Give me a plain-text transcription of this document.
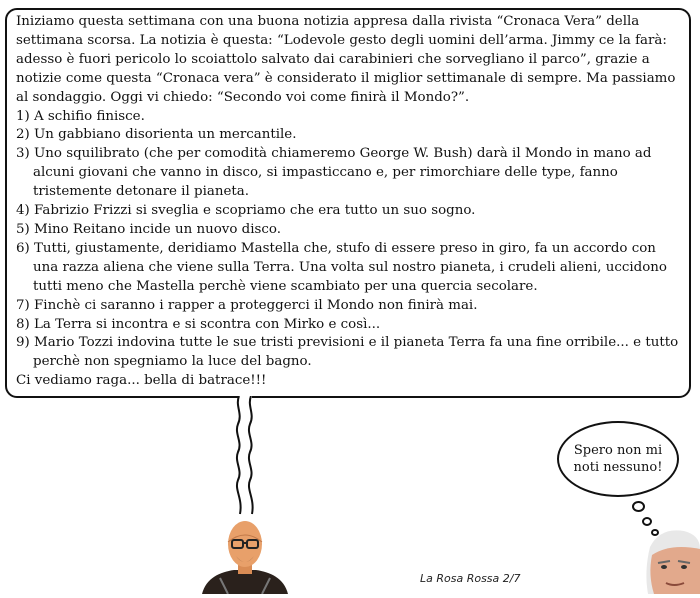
Iniziamo questa settimana con una buona notizia appresa dalla rivista “Cronaca Vera” della settimana scorsa. La notizia è questa: “Lodevole gesto degli uomini dell’arma. Jimmy ce la farà: adesso è fuori pericolo lo scoiattolo salvato dai carabinieri che sorvegliano il parco”, grazie a notizie come questa “Cronaca vera” è considerato il miglior settimanale di sempre. Ma passiamo al sondaggio. Oggi vi chiedo: “Secondo voi come finirà il Mondo?”.

1) A schifio finisce.
2) Un gabbiano disorienta un mercantile.
3) Uno squilibrato (che per comodità chiameremo George W. Bush) darà il Mondo in mano ad alcuni giovani che vanno in disco, si impasticcano e, per rimorchiare delle type, fanno tristemente detonare il pianeta.
4) Fabrizio Frizzi si sveglia e scopriamo che era tutto un suo sogno.
5) Mino Reitano incide un nuovo disco.
6) Tutti, giustamente, deridiamo Mastella che, stufo di essere preso in giro, fa un accordo con una razza aliena che viene sulla Terra. Una volta sul nostro pianeta, i crudeli alieni, uccidono tutti meno che Mastella perchè viene scambiato per una quercia secolare.
7) Finchè ci saranno i rapper a proteggerci il Mondo non finirà mai.
8) La Terra si incontra e si scontra con Mirko e così...
9) Mario Tozzi indovina tutte le sue tristi previsioni e il pianeta Terra fa una fine orribile... e tutto perchè non spegniamo la luce del bagno.

Ci vediamo raga... bella di batrace!!!

La Rosa Rossa 2/7
Spero non mi
noti nessuno!
